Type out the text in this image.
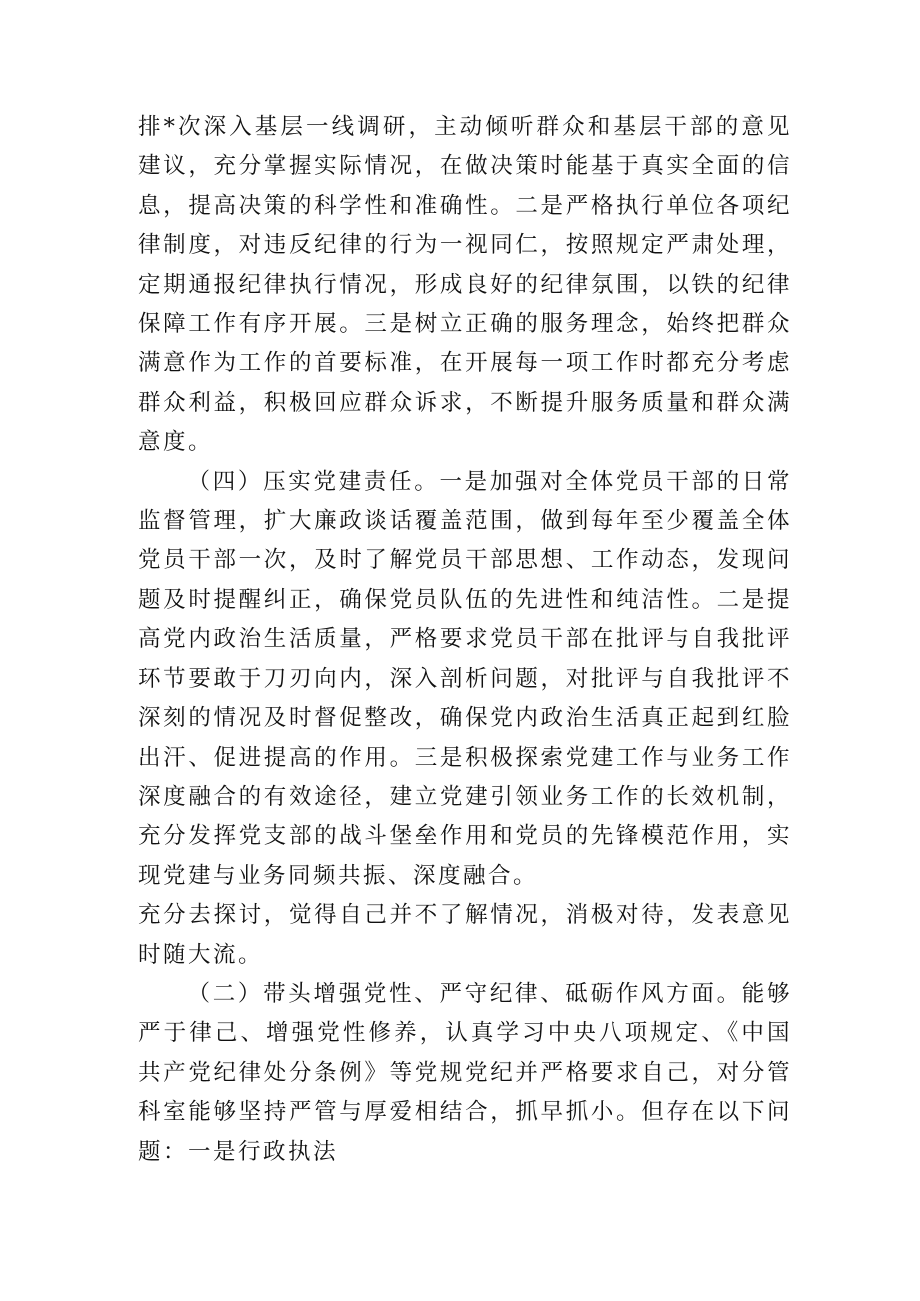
排*次深入基层一线调研，主动倾听群众和基层干部的意见建议，充分掌握实际情况，在做决策时能基于真实全面的信息，提高决策的科学性和准确性。二是严格执行单位各项纪律制度，对违反纪律的行为一视同仁，按照规定严肃处理，定期通报纪律执行情况，形成良好的纪律氛围，以铁的纪律保障工作有序开展。三是树立正确的服务理念，始终把群众满意作为工作的首要标准，在开展每一项工作时都充分考虑群众利益，积极回应群众诉求，不断提升服务质量和群众满意度。

（四）压实党建责任。一是加强对全体党员干部的日常监督管理，扩大廉政谈话覆盖范围，做到每年至少覆盖全体党员干部一次，及时了解党员干部思想、工作动态，发现问题及时提醒纠正，确保党员队伍的先进性和纯洁性。二是提高党内政治生活质量，严格要求党员干部在批评与自我批评环节要敢于刀刃向内，深入剖析问题，对批评与自我批评不深刻的情况及时督促整改，确保党内政治生活真正起到红脸出汗、促进提高的作用。三是积极探索党建工作与业务工作深度融合的有效途径，建立党建引领业务工作的长效机制，充分发挥党支部的战斗堡垒作用和党员的先锋模范作用，实现党建与业务同频共振、深度融合。

充分去探讨，觉得自己并不了解情况，消极对待，发表意见时随大流。

（二）带头增强党性、严守纪律、砥砺作风方面。能够严于律己、增强党性修养，认真学习中央八项规定、《中国共产党纪律处分条例》等党规党纪并严格要求自己，对分管科室能够坚持严管与厚爱相结合，抓早抓小。但存在以下问题：一是行政执法
